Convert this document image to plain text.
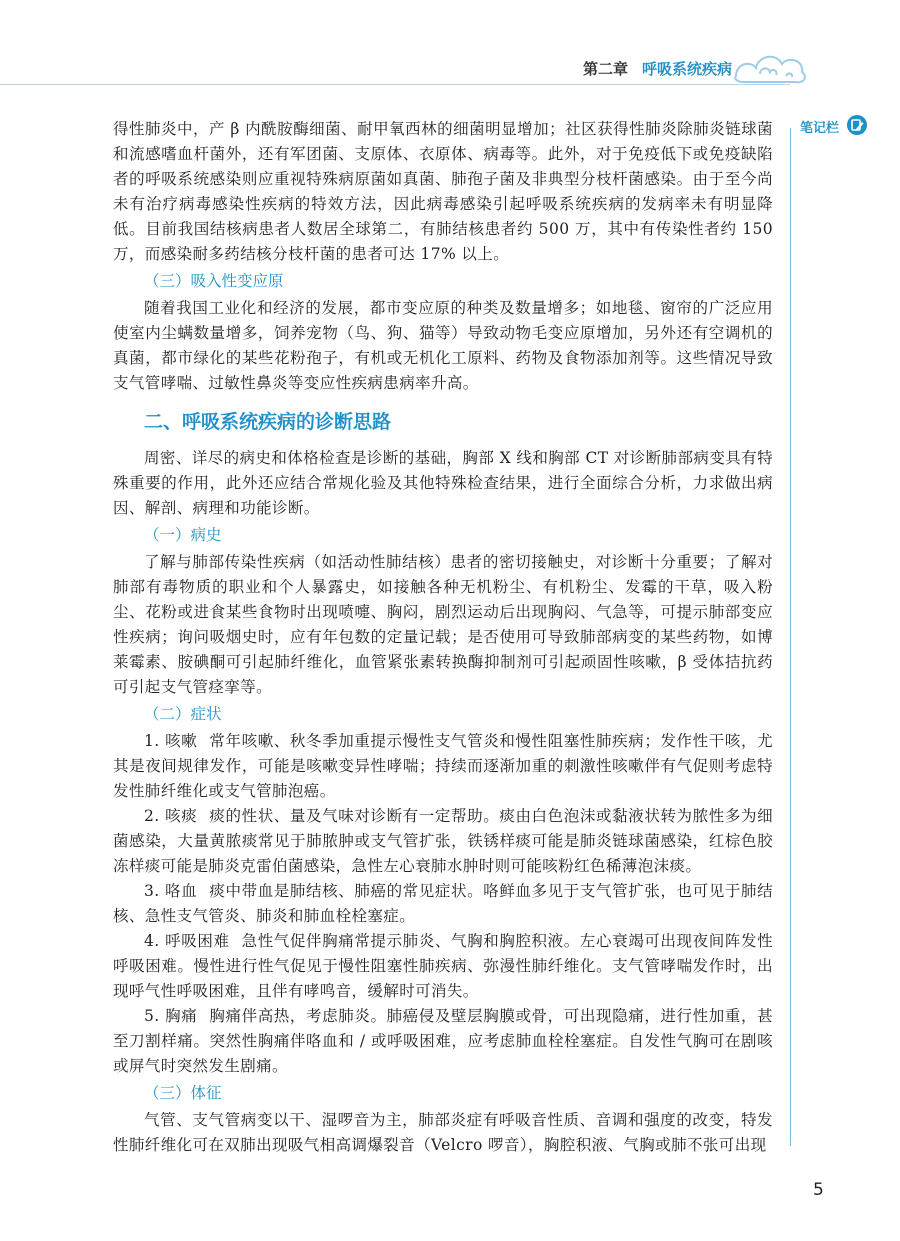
第二章 呼吸系统疾病
笔记栏

得性肺炎中，产 β 内酰胺酶细菌、耐甲氧西林的细菌明显增加；社区获得性肺炎除肺炎链球菌和流感嗜血杆菌外，还有军团菌、支原体、衣原体、病毒等。此外，对于免疫低下或免疫缺陷者的呼吸系统感染则应重视特殊病原菌如真菌、肺孢子菌及非典型分枝杆菌感染。由于至今尚未有治疗病毒感染性疾病的特效方法，因此病毒感染引起呼吸系统疾病的发病率未有明显降低。目前我国结核病患者人数居全球第二，有肺结核患者约 500 万，其中有传染性者约 150 万，而感染耐多药结核分枝杆菌的患者可达 17% 以上。

（三）吸入性变应原

随着我国工业化和经济的发展，都市变应原的种类及数量增多；如地毯、窗帘的广泛应用使室内尘螨数量增多，饲养宠物（鸟、狗、猫等）导致动物毛变应原增加，另外还有空调机的真菌，都市绿化的某些花粉孢子，有机或无机化工原料、药物及食物添加剂等。这些情况导致支气管哮喘、过敏性鼻炎等变应性疾病患病率升高。

二、呼吸系统疾病的诊断思路

周密、详尽的病史和体格检查是诊断的基础，胸部 X 线和胸部 CT 对诊断肺部病变具有特殊重要的作用，此外还应结合常规化验及其他特殊检查结果，进行全面综合分析，力求做出病因、解剖、病理和功能诊断。

（一）病史

了解与肺部传染性疾病（如活动性肺结核）患者的密切接触史，对诊断十分重要；了解对肺部有毒物质的职业和个人暴露史，如接触各种无机粉尘、有机粉尘、发霉的干草，吸入粉尘、花粉或进食某些食物时出现喷嚏、胸闷，剧烈运动后出现胸闷、气急等，可提示肺部变应性疾病；询问吸烟史时，应有年包数的定量记载；是否使用可导致肺部病变的某些药物，如博莱霉素、胺碘酮可引起肺纤维化，血管紧张素转换酶抑制剂可引起顽固性咳嗽，β 受体拮抗药可引起支气管痉挛等。

（二）症状

1. 咳嗽 常年咳嗽、秋冬季加重提示慢性支气管炎和慢性阻塞性肺疾病；发作性干咳，尤其是夜间规律发作，可能是咳嗽变异性哮喘；持续而逐渐加重的刺激性咳嗽伴有气促则考虑特发性肺纤维化或支气管肺泡癌。

2. 咳痰 痰的性状、量及气味对诊断有一定帮助。痰由白色泡沫或黏液状转为脓性多为细菌感染，大量黄脓痰常见于肺脓肿或支气管扩张，铁锈样痰可能是肺炎链球菌感染，红棕色胶冻样痰可能是肺炎克雷伯菌感染，急性左心衰肺水肿时则可能咳粉红色稀薄泡沫痰。

3. 咯血 痰中带血是肺结核、肺癌的常见症状。咯鲜血多见于支气管扩张，也可见于肺结核、急性支气管炎、肺炎和肺血栓栓塞症。

4. 呼吸困难 急性气促伴胸痛常提示肺炎、气胸和胸腔积液。左心衰竭可出现夜间阵发性呼吸困难。慢性进行性气促见于慢性阻塞性肺疾病、弥漫性肺纤维化。支气管哮喘发作时，出现呼气性呼吸困难，且伴有哮鸣音，缓解时可消失。

5. 胸痛 胸痛伴高热，考虑肺炎。肺癌侵及壁层胸膜或骨，可出现隐痛，进行性加重，甚至刀割样痛。突然性胸痛伴咯血和 / 或呼吸困难，应考虑肺血栓栓塞症。自发性气胸可在剧咳或屏气时突然发生剧痛。

（三）体征

气管、支气管病变以干、湿啰音为主，肺部炎症有呼吸音性质、音调和强度的改变，特发性肺纤维化可在双肺出现吸气相高调爆裂音（Velcro 啰音），胸腔积液、气胸或肺不张可出现

5
